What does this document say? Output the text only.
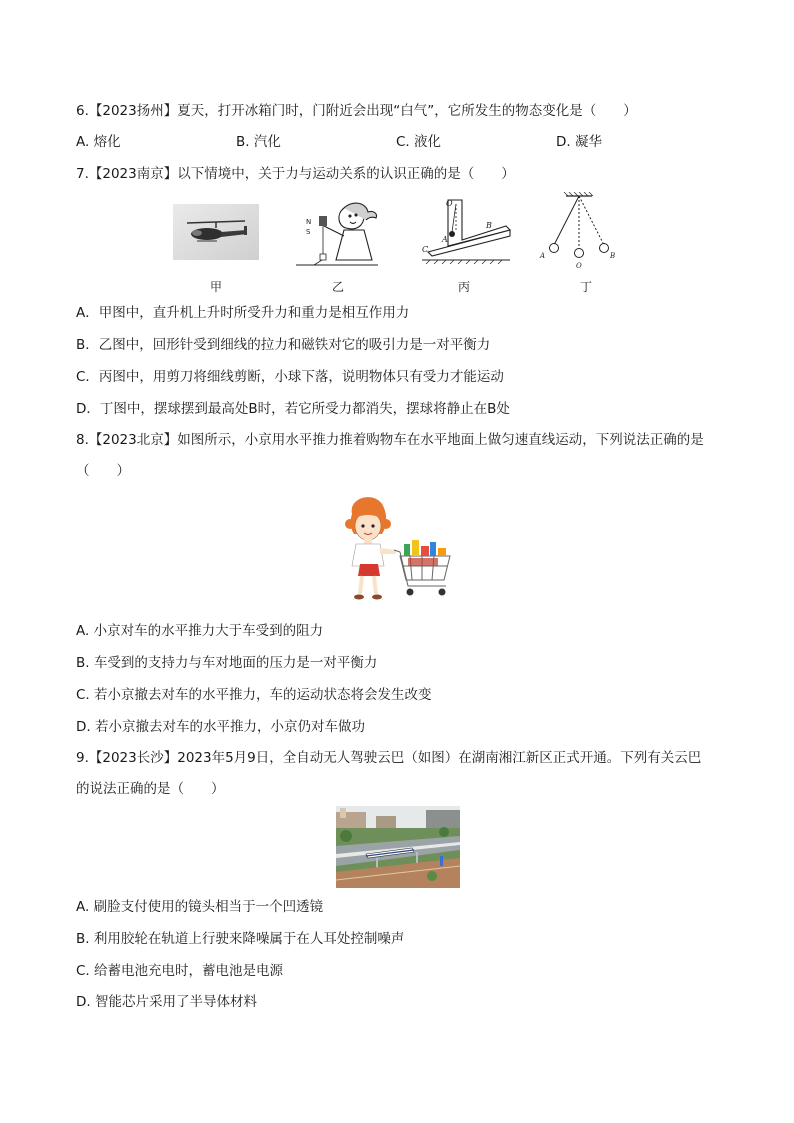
6.【2023扬州】夏天，打开冰箱门时，门附近会出现“白气”，它所发生的物态变化是（　　）
A. 熔化	B. 汽化	C. 液化	D. 凝华
7.【2023南京】以下情境中，关于力与运动关系的认识正确的是（　　）
甲
N
S
乙
O
A
B
C
丙
A
O
B
丁
A．甲图中，直升机上升时所受升力和重力是相互作用力
B．乙图中，回形针受到细线的拉力和磁铁对它的吸引力是一对平衡力
C．丙图中，用剪刀将细线剪断，小球下落，说明物体只有受力才能运动
D．丁图中，摆球摆到最高处B时，若它所受力都消失，摆球将静止在B处
8.【2023北京】如图所示，小京用水平推力推着购物车在水平地面上做匀速直线运动，下列说法正确的是
（　　）
A. 小京对车的水平推力大于车受到的阻力
B. 车受到的支持力与车对地面的压力是一对平衡力
C. 若小京撤去对车的水平推力，车的运动状态将会发生改变
D. 若小京撤去对车的水平推力，小京仍对车做功
9.【2023长沙】2023年5月9日，全自动无人驾驶云巴（如图）在湖南湘江新区正式开通。下列有关云巴
的说法正确的是（　　）
A. 刷脸支付使用的镜头相当于一个凹透镜
B. 利用胶轮在轨道上行驶来降噪属于在人耳处控制噪声
C. 给蓄电池充电时，蓄电池是电源
D. 智能芯片采用了半导体材料
